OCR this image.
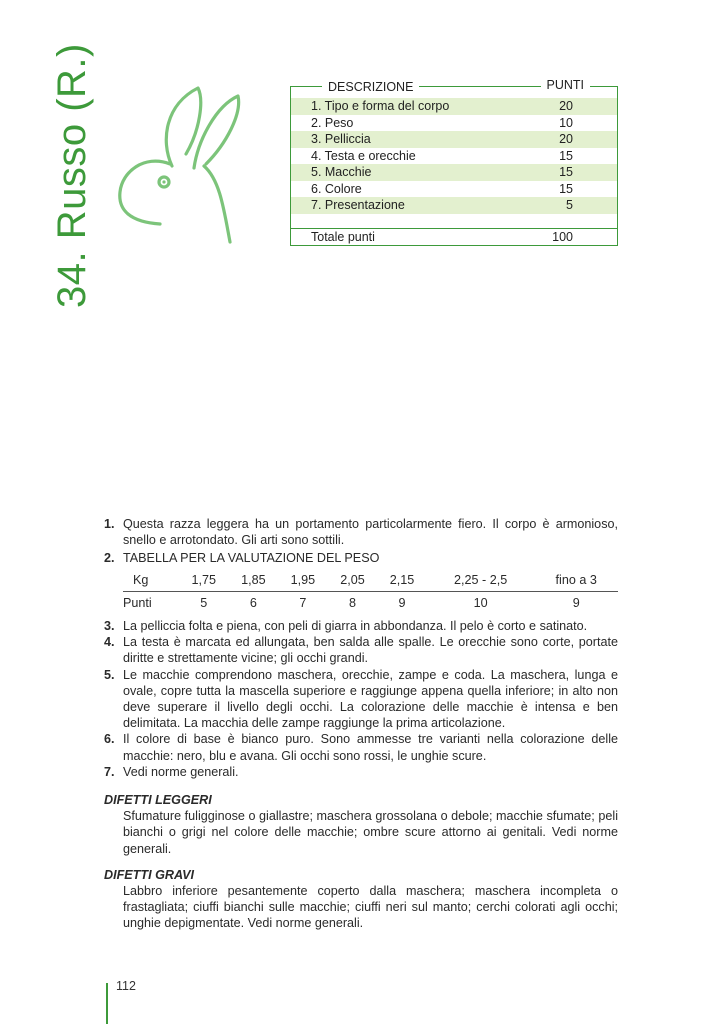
34. Russo (R.)	DESCRIZIONE	PUNTI
1. Tipo e forma del corpo	20
2. Peso	10
3. Pelliccia	20
4. Testa e orecchie	15
5. Macchie	15
6. Colore	15
7. Presentazione	5
Totale punti	100
1. Questa razza leggera ha un portamento particolarmente fiero. Il corpo è armonioso, snello e arrotondato. Gli arti sono sottili.
2. TABELLA PER LA VALUTAZIONE DEL PESO
Kg	1,75	1,85	1,95	2,05	2,15	2,25 - 2,5	fino a 3
Punti	5	6	7	8	9	10	9
3. La pelliccia folta e piena, con peli di giarra in abbondanza. Il pelo è corto e satinato.
4. La testa è marcata ed allungata, ben salda alle spalle. Le orecchie sono corte, portate diritte e strettamente vicine; gli occhi grandi.
5. Le macchie comprendono maschera, orecchie, zampe e coda. La maschera, lunga e ovale, copre tutta la mascella superiore e raggiunge appena quella inferiore; in alto non deve superare il livello degli occhi. La colorazione delle macchie è intensa e ben delimitata. La macchia delle zampe raggiunge la prima articolazione.
6. Il colore di base è bianco puro. Sono ammesse tre varianti nella colorazione delle macchie: nero, blu e avana. Gli occhi sono rossi, le unghie scure.
7. Vedi norme generali.
DIFETTI LEGGERI
Sfumature fuligginose o giallastre; maschera grossolana o debole; macchie sfumate; peli bianchi o grigi nel colore delle macchie; ombre scure attorno ai genitali. Vedi norme generali.
DIFETTI GRAVI
Labbro inferiore pesantemente coperto dalla maschera; maschera incompleta o frastagliata; ciuffi bianchi sulle macchie; ciuffi neri sul manto; cerchi colorati agli occhi; unghie depigmentate. Vedi norme generali.
112
